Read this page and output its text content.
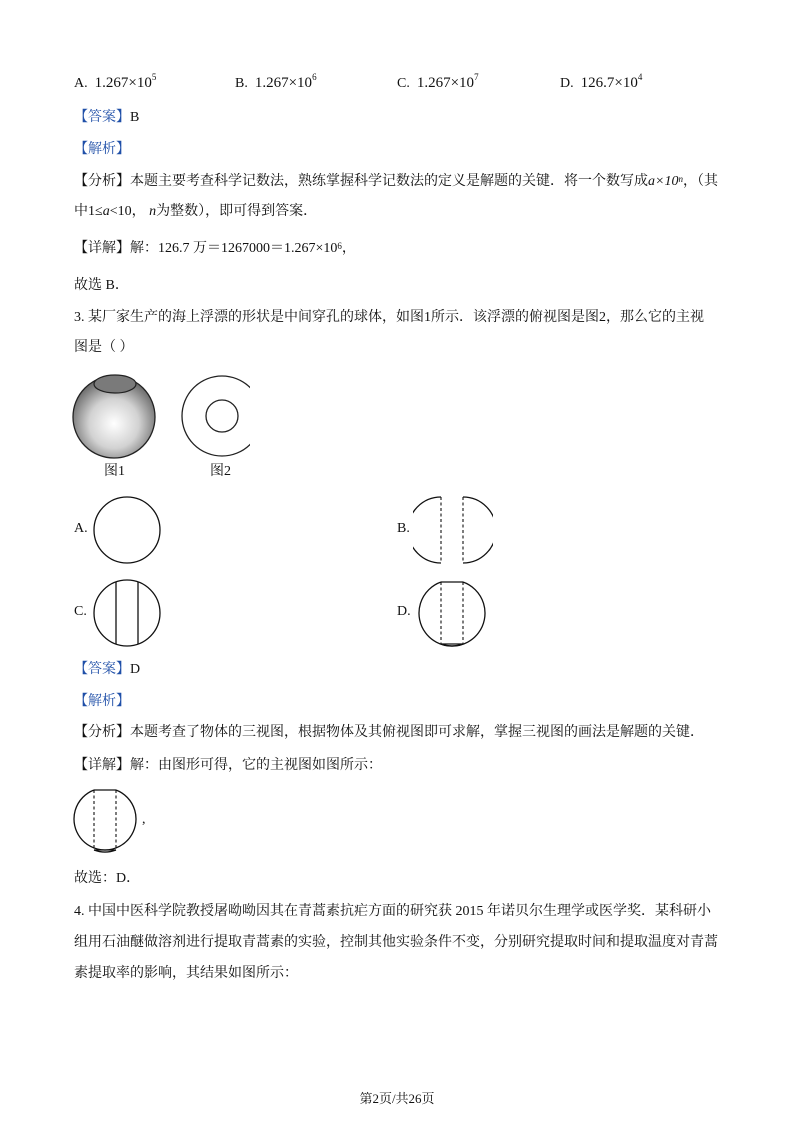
A. $1.267\times 10^5$	B. $1.267\times 10^6$	C. $1.267\times 10^7$	D. $126.7\times 10^4$
【答案】B
【解析】
【分析】本题主要考查科学记数法，熟练掌握科学记数法的定义是解题的关键．将一个数写成$a\times 10^n$，（其
中1≤a<10， n为整数），即可得到答案．
【详解】解：126.7 万$=1267000=1.267\times 10^6$，
故选 B．
3. 某厂家生产的海上浮漂的形状是中间穿孔的球体，如图1所示．该浮漂的俯视图是图2，那么它的主视
图是（ ）
图1	图2
A.	B.
C.	D.
【答案】D
【解析】
【分析】本题考查了物体的三视图，根据物体及其俯视图即可求解，掌握三视图的画法是解题的关键．
【详解】解：由图形可得，它的主视图如图所示：
,
故选：D．
4. 中国中医科学院教授屠呦呦因其在青蒿素抗疟方面的研究获 2015 年诺贝尔生理学或医学奖．某科研小
组用石油醚做溶剂进行提取青蒿素的实验，控制其他实验条件不变，分别研究提取时间和提取温度对青蒿
素提取率的影响，其结果如图所示：
第2页/共26页
